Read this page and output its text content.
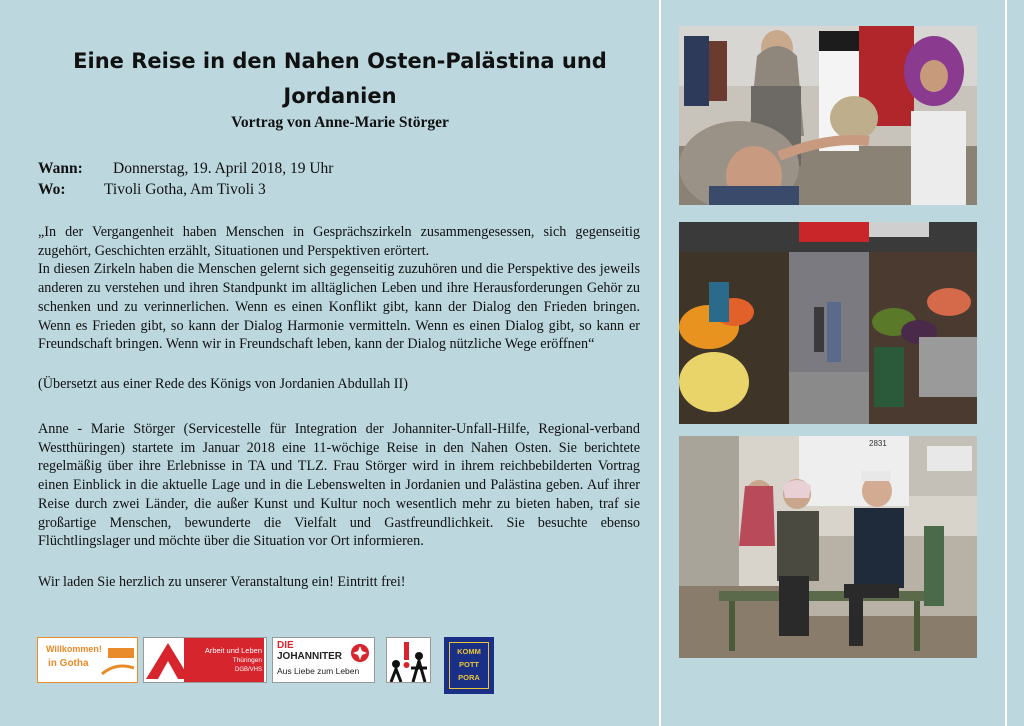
Eine Reise in den Nahen Osten-Palästina und Jordanien
Vortrag von Anne-Marie Störger
Wann: Donnerstag, 19. April 2018, 19 Uhr
Wo: Tivoli Gotha, Am Tivoli 3

„In der Vergangenheit haben Menschen in Gesprächszirkeln zusammengesessen, sich gegenseitig zugehört, Geschichten erzählt, Situationen und Perspektiven erörtert.

In diesen Zirkeln haben die Menschen gelernt sich gegenseitig zuzuhören und die Perspektive des jeweils anderen zu verstehen und ihren Standpunkt im alltäglichen Leben und ihre Herausforderungen Gehör zu schenken und zu verinnerlichen. Wenn es einen Konflikt gibt, kann der Dialog den Frieden bringen. Wenn es Frieden gibt, so kann der Dialog Harmonie vermitteln. Wenn es einen Dialog gibt, so kann er Freundschaft bringen. Wenn wir in Freundschaft leben, kann der Dialog nützliche Wege eröffnen“

(Übersetzt aus einer Rede des Königs von Jordanien Abdullah II)

Anne - Marie Störger (Servicestelle für Integration der Johanniter-Unfall-Hilfe, Regional-verband Westthüringen) startete im Januar 2018 eine 11-wöchige Reise in den Nahen Osten. Sie berichtete regelmäßig über ihre Erlebnisse in TA und TLZ. Frau Störger wird in ihrem reichbebilderten Vortrag einen Einblick in die aktuelle Lage und in die Lebenswelten in Jordanien und Palästina geben. Auf ihrer Reise durch zwei Länder, die außer Kunst und Kultur noch wesentlich mehr zu bieten haben, traf sie großartige Menschen, bewunderte die Vielfalt und Gastfreundlichkeit. Sie besuchte ebenso Flüchtlingslager und möchte über die Situation vor Ort informieren.

Wir laden Sie herzlich zu unserer Veranstaltung ein! Eintritt frei!
2831
Willkommen!
in Gotha
Arbeit und Leben
Thüringen
DGB/VHS
DIE
JOHANNITER
Aus Liebe zum Leben
KOMM
POTT
PORA
